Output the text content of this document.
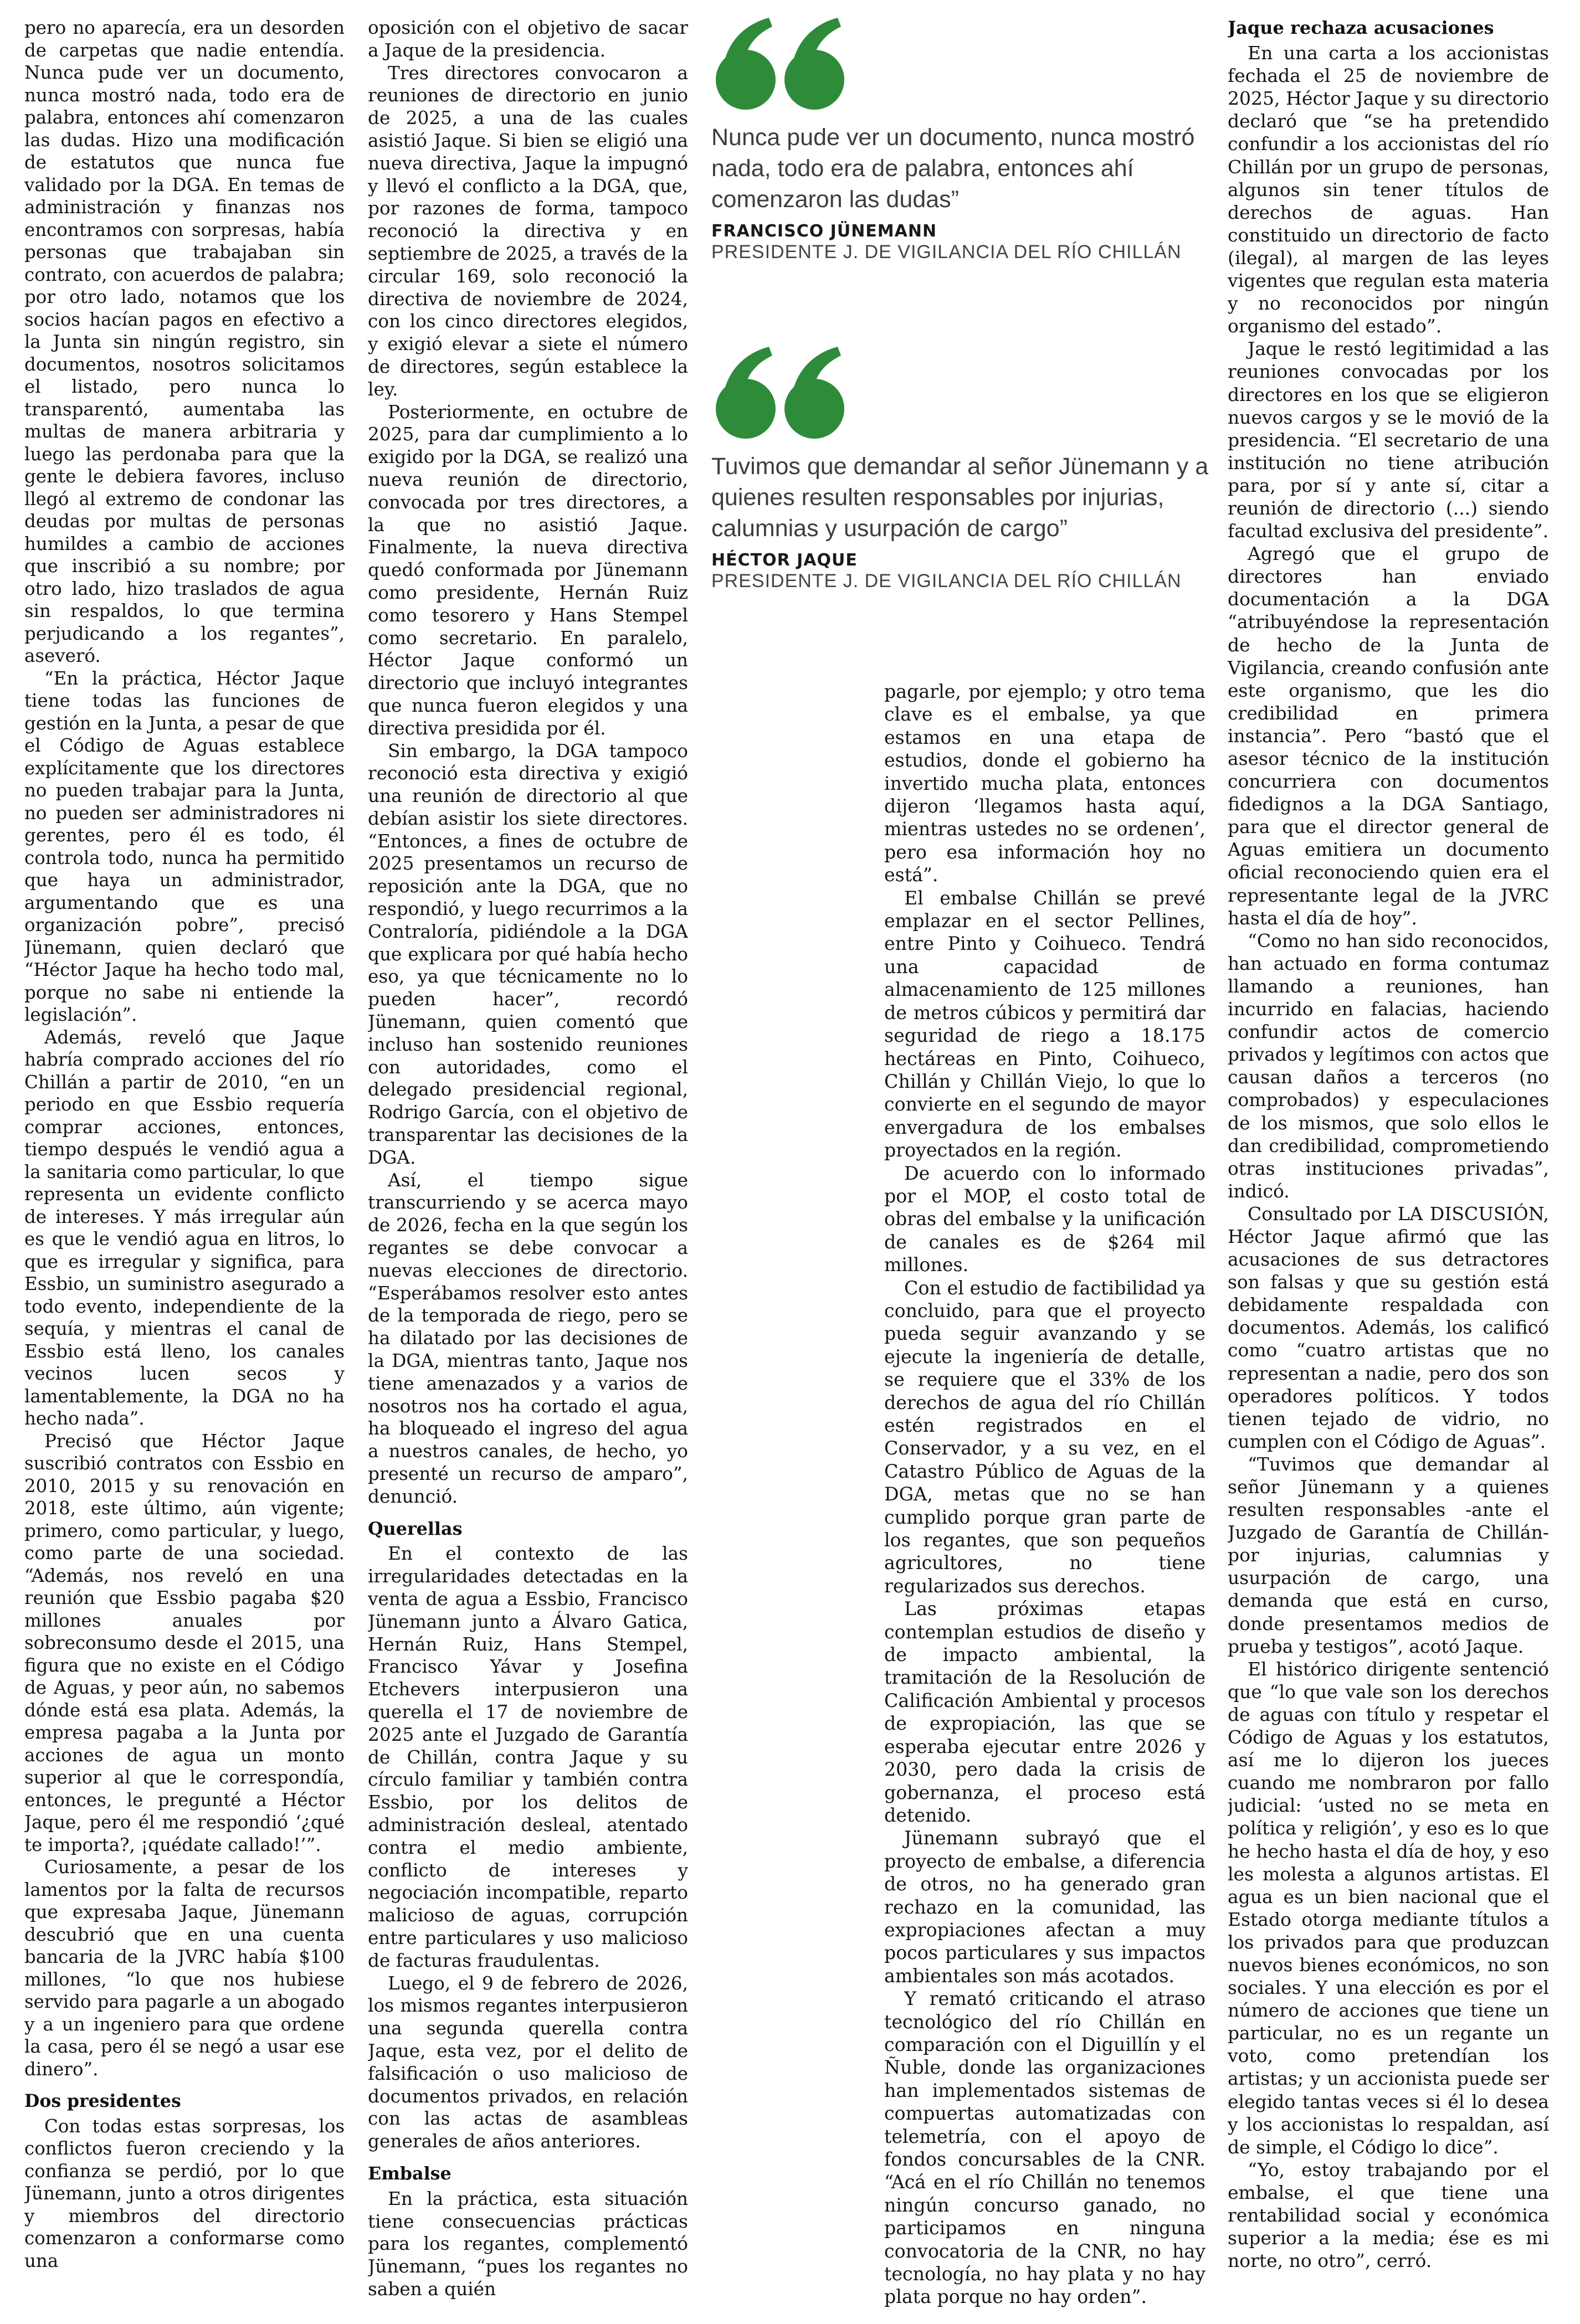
pero no aparecía, era un desorden de carpetas que nadie entendía. Nunca pude ver un documento, nunca mostró nada, todo era de palabra, entonces ahí comenzaron las dudas. Hizo una modificación de estatutos que nunca fue validado por la DGA. En temas de administración y finanzas nos encontramos con sorpresas, había personas que trabajaban sin contrato, con acuerdos de palabra; por otro lado, notamos que los socios hacían pagos en efectivo a la Junta sin ningún registro, sin documentos, nosotros solicitamos el listado, pero nunca lo transparentó, aumentaba las multas de manera arbitraria y luego las perdonaba para que la gente le debiera favores, incluso llegó al extremo de condonar las deudas por multas de personas humildes a cambio de acciones que inscribió a su nombre; por otro lado, hizo traslados de agua sin respaldos, lo que termina perjudicando a los regantes”, aseveró.

“En la práctica, Héctor Jaque tiene todas las funciones de gestión en la Junta, a pesar de que el Código de Aguas establece explícitamente que los directores no pueden trabajar para la Junta, no pueden ser administradores ni gerentes, pero él es todo, él controla todo, nunca ha permitido que haya un administrador, argumentando que es una organización pobre”, precisó Jünemann, quien declaró que “Héctor Jaque ha hecho todo mal, porque no sabe ni entiende la legislación”.

Además, reveló que Jaque habría comprado acciones del río Chillán a partir de 2010, “en un periodo en que Essbio requería comprar acciones, entonces, tiempo después le vendió agua a la sanitaria como particular, lo que representa un evidente conflicto de intereses. Y más irregular aún es que le vendió agua en litros, lo que es irregular y significa, para Essbio, un suministro asegurado a todo evento, independiente de la sequía, y mientras el canal de Essbio está lleno, los canales vecinos lucen secos y lamentablemente, la DGA no ha hecho nada”.

Precisó que Héctor Jaque suscribió contratos con Essbio en 2010, 2015 y su renovación en 2018, este último, aún vigente; primero, como particular, y luego, como parte de una sociedad. “Además, nos reveló en una reunión que Essbio pagaba $20 millones anuales por sobreconsumo desde el 2015, una figura que no existe en el Código de Aguas, y peor aún, no sabemos dónde está esa plata. Además, la empresa pagaba a la Junta por acciones de agua un monto superior al que le correspondía, entonces, le pregunté a Héctor Jaque, pero él me respondió ‘¿qué te importa?, ¡quédate callado!’”.

Curiosamente, a pesar de los lamentos por la falta de recursos que expresaba Jaque, Jünemann descubrió que en una cuenta bancaria de la JVRC había $100 millones, “lo que nos hubiese servido para pagarle a un abogado y a un ingeniero para que ordene la casa, pero él se negó a usar ese dinero”.

Dos presidentes

Con todas estas sorpresas, los conflictos fueron creciendo y la confianza se perdió, por lo que Jünemann, junto a otros dirigentes y miembros del directorio comenzaron a conformarse como una

oposición con el objetivo de sacar a Jaque de la presidencia.

Tres directores convocaron a reuniones de directorio en junio de 2025, a una de las cuales asistió Jaque. Si bien se eligió una nueva directiva, Jaque la impugnó y llevó el conflicto a la DGA, que, por razones de forma, tampoco reconoció la directiva y en septiembre de 2025, a través de la circular 169, solo reconoció la directiva de noviembre de 2024, con los cinco directores elegidos, y exigió elevar a siete el número de directores, según establece la ley.

Posteriormente, en octubre de 2025, para dar cumplimiento a lo exigido por la DGA, se realizó una nueva reunión de directorio, convocada por tres directores, a la que no asistió Jaque. Finalmente, la nueva directiva quedó conformada por Jünemann como presidente, Hernán Ruiz como tesorero y Hans Stempel como secretario. En paralelo, Héctor Jaque conformó un directorio que incluyó integrantes que nunca fueron elegidos y una directiva presidida por él.

Sin embargo, la DGA tampoco reconoció esta directiva y exigió una reunión de directorio al que debían asistir los siete directores. “Entonces, a fines de octubre de 2025 presentamos un recurso de reposición ante la DGA, que no respondió, y luego recurrimos a la Contraloría, pidiéndole a la DGA que explicara por qué había hecho eso, ya que técnicamente no lo pueden hacer”, recordó Jünemann, quien comentó que incluso han sostenido reuniones con autoridades, como el delegado presidencial regional, Rodrigo García, con el objetivo de transparentar las decisiones de la DGA.

Así, el tiempo sigue transcurriendo y se acerca mayo de 2026, fecha en la que según los regantes se debe convocar a nuevas elecciones de directorio. “Esperábamos resolver esto antes de la temporada de riego, pero se ha dilatado por las decisiones de la DGA, mientras tanto, Jaque nos tiene amenazados y a varios de nosotros nos ha cortado el agua, ha bloqueado el ingreso del agua a nuestros canales, de hecho, yo presenté un recurso de amparo”, denunció.

Querellas

En el contexto de las irregularidades detectadas en la venta de agua a Essbio, Francisco Jünemann junto a Álvaro Gatica, Hernán Ruiz, Hans Stempel, Francisco Yávar y Josefina Etchevers interpusieron una querella el 17 de noviembre de 2025 ante el Juzgado de Garantía de Chillán, contra Jaque y su círculo familiar y también contra Essbio, por los delitos de administración desleal, atentado contra el medio ambiente, conflicto de intereses y negociación incompatible, reparto malicioso de aguas, corrupción entre particulares y uso malicioso de facturas fraudulentas.

Luego, el 9 de febrero de 2026, los mismos regantes interpusieron una segunda querella contra Jaque, esta vez, por el delito de falsificación o uso malicioso de documentos privados, en relación con las actas de asambleas generales de años anteriores.

Embalse

En la práctica, esta situación tiene consecuencias prácticas para los regantes, complementó Jünemann, “pues los regantes no saben a quién

Nunca pude ver un documento, nunca mostró nada, todo era de palabra, entonces ahí comenzaron las dudas”
FRANCISCO JÜNEMANN
PRESIDENTE J. DE VIGILANCIA DEL RÍO CHILLÁN
Tuvimos que demandar al señor Jünemann y a quienes resulten responsables por injurias, calumnias y usurpación de cargo”
HÉCTOR JAQUE
PRESIDENTE J. DE VIGILANCIA DEL RÍO CHILLÁN

pagarle, por ejemplo; y otro tema clave es el embalse, ya que estamos en una etapa de estudios, donde el gobierno ha invertido mucha plata, entonces dijeron ‘llegamos hasta aquí, mientras ustedes no se ordenen’, pero esa información hoy no está”.

El embalse Chillán se prevé emplazar en el sector Pellines, entre Pinto y Coihueco. Tendrá una capacidad de almacenamiento de 125 millones de metros cúbicos y permitirá dar seguridad de riego a 18.175 hectáreas en Pinto, Coihueco, Chillán y Chillán Viejo, lo que lo convierte en el segundo de mayor envergadura de los embalses proyectados en la región.

De acuerdo con lo informado por el MOP, el costo total de obras del embalse y la unificación de canales es de $264 mil millones.

Con el estudio de factibilidad ya concluido, para que el proyecto pueda seguir avanzando y se ejecute la ingeniería de detalle, se requiere que el 33% de los derechos de agua del río Chillán estén registrados en el Conservador, y a su vez, en el Catastro Público de Aguas de la DGA, metas que no se han cumplido porque gran parte de los regantes, que son pequeños agricultores, no tiene regularizados sus derechos.

Las próximas etapas contemplan estudios de diseño y de impacto ambiental, la tramitación de la Resolución de Calificación Ambiental y procesos de expropiación, las que se esperaba ejecutar entre 2026 y 2030, pero dada la crisis de gobernanza, el proceso está detenido.

Jünemann subrayó que el proyecto de embalse, a diferencia de otros, no ha generado gran rechazo en la comunidad, las expropiaciones afectan a muy pocos particulares y sus impactos ambientales son más acotados.

Y remató criticando el atraso tecnológico del río Chillán en comparación con el Diguillín y el Ñuble, donde las organizaciones han implementados sistemas de compuertas automatizadas con telemetría, con el apoyo de fondos concursables de la CNR. “Acá en el río Chillán no tenemos ningún concurso ganado, no participamos en ninguna convocatoria de la CNR, no hay tecnología, no hay plata y no hay plata porque no hay orden”.

Jaque rechaza acusaciones

En una carta a los accionistas fechada el 25 de noviembre de 2025, Héctor Jaque y su directorio declaró que “se ha pretendido confundir a los accionistas del río Chillán por un grupo de personas, algunos sin tener títulos de derechos de aguas. Han constituido un directorio de facto (ilegal), al margen de las leyes vigentes que regulan esta materia y no reconocidos por ningún organismo del estado”.

Jaque le restó legitimidad a las reuniones convocadas por los directores en los que se eligieron nuevos cargos y se le movió de la presidencia. “El secretario de una institución no tiene atribución para, por sí y ante sí, citar a reunión de directorio (...) siendo facultad exclusiva del presidente”.

Agregó que el grupo de directores han enviado documentación a la DGA “atribuyéndose la representación de hecho de la Junta de Vigilancia, creando confusión ante este organismo, que les dio credibilidad en primera instancia”. Pero “bastó que el asesor técnico de la institución concurriera con documentos fidedignos a la DGA Santiago, para que el director general de Aguas emitiera un documento oficial reconociendo quien era el representante legal de la JVRC hasta el día de hoy”.

“Como no han sido reconocidos, han actuado en forma contumaz llamando a reuniones, han incurrido en falacias, haciendo confundir actos de comercio privados y legítimos con actos que causan daños a terceros (no comprobados) y especulaciones de los mismos, que solo ellos le dan credibilidad, comprometiendo otras instituciones privadas”, indicó.

Consultado por LA DISCUSIÓN, Héctor Jaque afirmó que las acusaciones de sus detractores son falsas y que su gestión está debidamente respaldada con documentos. Además, los calificó como “cuatro artistas que no representan a nadie, pero dos son operadores políticos. Y todos tienen tejado de vidrio, no cumplen con el Código de Aguas”.

“Tuvimos que demandar al señor Jünemann y a quienes resulten responsables -ante el Juzgado de Garantía de Chillán- por injurias, calumnias y usurpación de cargo, una demanda que está en curso, donde presentamos medios de prueba y testigos”, acotó Jaque.

El histórico dirigente sentenció que “lo que vale son los derechos de aguas con título y respetar el Código de Aguas y los estatutos, así me lo dijeron los jueces cuando me nombraron por fallo judicial: ‘usted no se meta en política y religión’, y eso es lo que he hecho hasta el día de hoy, y eso les molesta a algunos artistas. El agua es un bien nacional que el Estado otorga mediante títulos a los privados para que produzcan nuevos bienes económicos, no son sociales. Y una elección es por el número de acciones que tiene un particular, no es un regante un voto, como pretendían los artistas; y un accionista puede ser elegido tantas veces si él lo desea y los accionistas lo respaldan, así de simple, el Código lo dice”.

“Yo, estoy trabajando por el embalse, el que tiene una rentabilidad social y económica superior a la media; ése es mi norte, no otro”, cerró.
